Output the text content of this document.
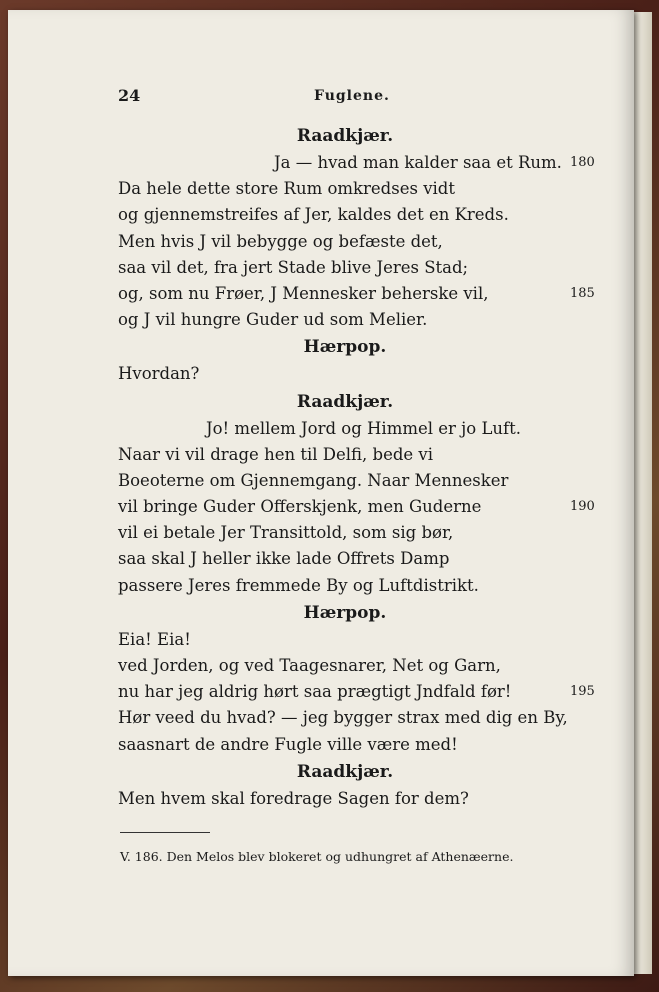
24	Fuglene.
Raadkjær.
Ja — hvad man kalder saa et Rum. 180
Da hele dette store Rum omkredses vidt
og gjennemstreifes af Jer, kaldes det en Kreds.
Men hvis J vil bebygge og befæste det,
saa vil det, fra jert Stade blive Jeres Stad;
og, som nu Frøer, J Mennesker beherske vil,	185
og J vil hungre Guder ud som Melier.
Hærpop.
Hvordan?
Raadkjær.
Jo! mellem Jord og Himmel er jo Luft.
Naar vi vil drage hen til Delfi, bede vi
Boeoterne om Gjennemgang. Naar Mennesker
vil bringe Guder Offerskjenk, men Guderne	190
vil ei betale Jer Transittold, som sig bør,
saa skal J heller ikke lade Offrets Damp
passere Jeres fremmede By og Luftdistrikt.
Hærpop.
Eia! Eia!
ved Jorden, og ved Taagesnarer, Net og Garn,
nu har jeg aldrig hørt saa prægtigt Jndfald før!	195
Hør veed du hvad? — jeg bygger strax med dig en By,
saasnart de andre Fugle ville være med!
Raadkjær.
Men hvem skal foredrage Sagen for dem?
V. 186. Den Melos blev blokeret og udhungret af Athenæerne.
